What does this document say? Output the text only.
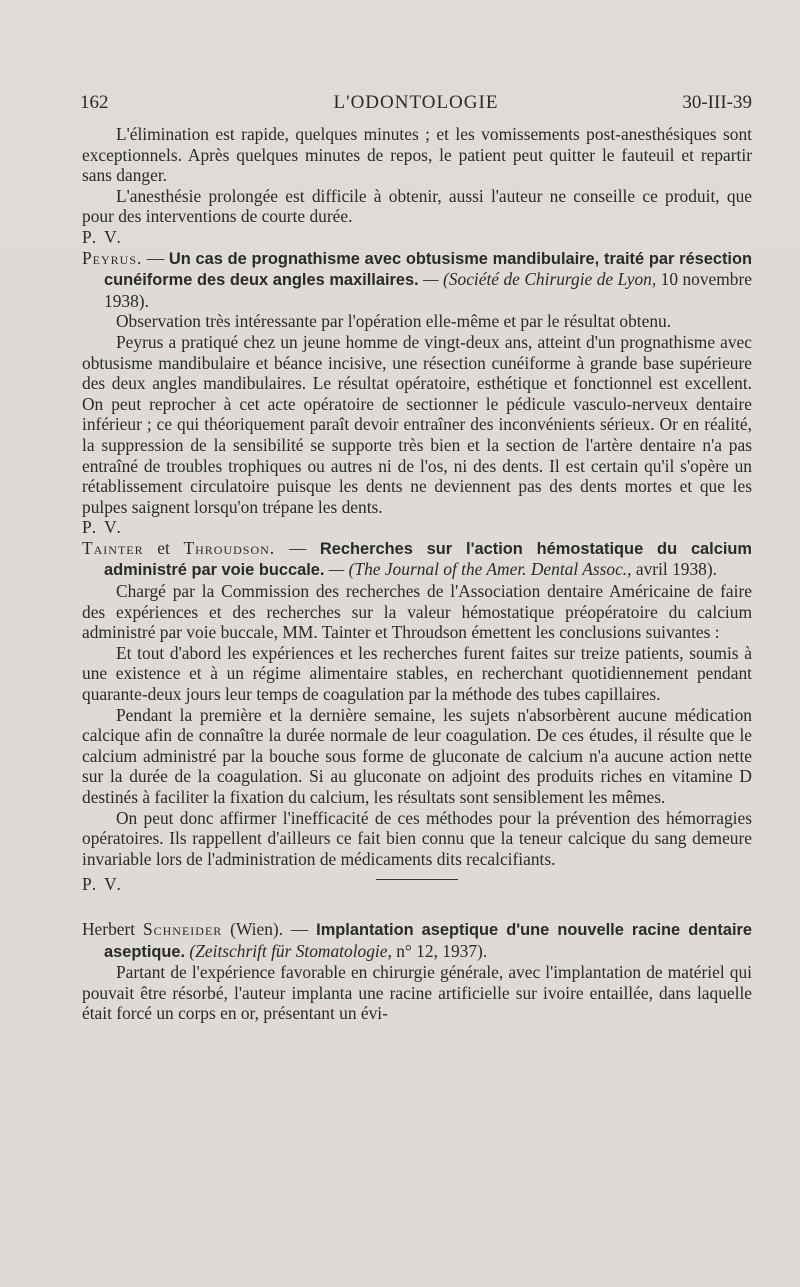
162	L'ODONTOLOGIE	30-III-39

L'élimination est rapide, quelques minutes ; et les vomissements post-anesthésiques sont exceptionnels. Après quelques minutes de repos, le patient peut quitter le fauteuil et repartir sans danger.

L'anesthésie prolongée est difficile à obtenir, aussi l'auteur ne conseille ce produit, que pour des interventions de courte durée.

P. V.

Peyrus. — Un cas de prognathisme avec obtusisme mandibulaire, traité par résection cunéiforme des deux angles maxillaires. — (Société de Chirurgie de Lyon, 10 novembre 1938).

Observation très intéressante par l'opération elle-même et par le résultat obtenu.

Peyrus a pratiqué chez un jeune homme de vingt-deux ans, atteint d'un prognathisme avec obtusisme mandibulaire et béance incisive, une résection cunéiforme à grande base supérieure des deux angles mandibulaires. Le résultat opératoire, esthétique et fonctionnel est excellent. On peut reprocher à cet acte opératoire de sectionner le pédicule vasculo-nerveux dentaire inférieur ; ce qui théoriquement paraît devoir entraîner des inconvénients sérieux. Or en réalité, la suppression de la sensibilité se supporte très bien et la section de l'artère dentaire n'a pas entraîné de troubles trophiques ou autres ni de l'os, ni des dents. Il est certain qu'il s'opère un rétablissement circulatoire puisque les dents ne deviennent pas des dents mortes et que les pulpes saignent lorsqu'on trépane les dents.

P. V.

Tainter et Throudson. — Recherches sur l'action hémostatique du calcium administré par voie buccale. — (The Journal of the Amer. Dental Assoc., avril 1938).

Chargé par la Commission des recherches de l'Association dentaire Américaine de faire des expériences et des recherches sur la valeur hémostatique préopératoire du calcium administré par voie buccale, MM. Tainter et Throudson émettent les conclusions suivantes :

Et tout d'abord les expériences et les recherches furent faites sur treize patients, soumis à une existence et à un régime alimentaire stables, en recherchant quotidiennement pendant quarante-deux jours leur temps de coagulation par la méthode des tubes capillaires.

Pendant la première et la dernière semaine, les sujets n'absorbèrent aucune médication calcique afin de connaître la durée normale de leur coagulation. De ces études, il résulte que le calcium administré par la bouche sous forme de gluconate de calcium n'a aucune action nette sur la durée de la coagulation. Si au gluconate on adjoint des produits riches en vitamine D destinés à faciliter la fixation du calcium, les résultats sont sensiblement les mêmes.

On peut donc affirmer l'inefficacité de ces méthodes pour la prévention des hémorragies opératoires. Ils rappellent d'ailleurs ce fait bien connu que la teneur calcique du sang demeure invariable lors de l'administration de médicaments dits recalcifiants.

P. V.

Herbert Schneider (Wien). — Implantation aseptique d'une nouvelle racine dentaire aseptique. (Zeitschrift für Stomatologie, n° 12, 1937).

Partant de l'expérience favorable en chirurgie générale, avec l'implantation de matériel qui pouvait être résorbé, l'auteur implanta une racine artificielle sur ivoire entaillée, dans laquelle était forcé un corps en or, présentant un évi-
